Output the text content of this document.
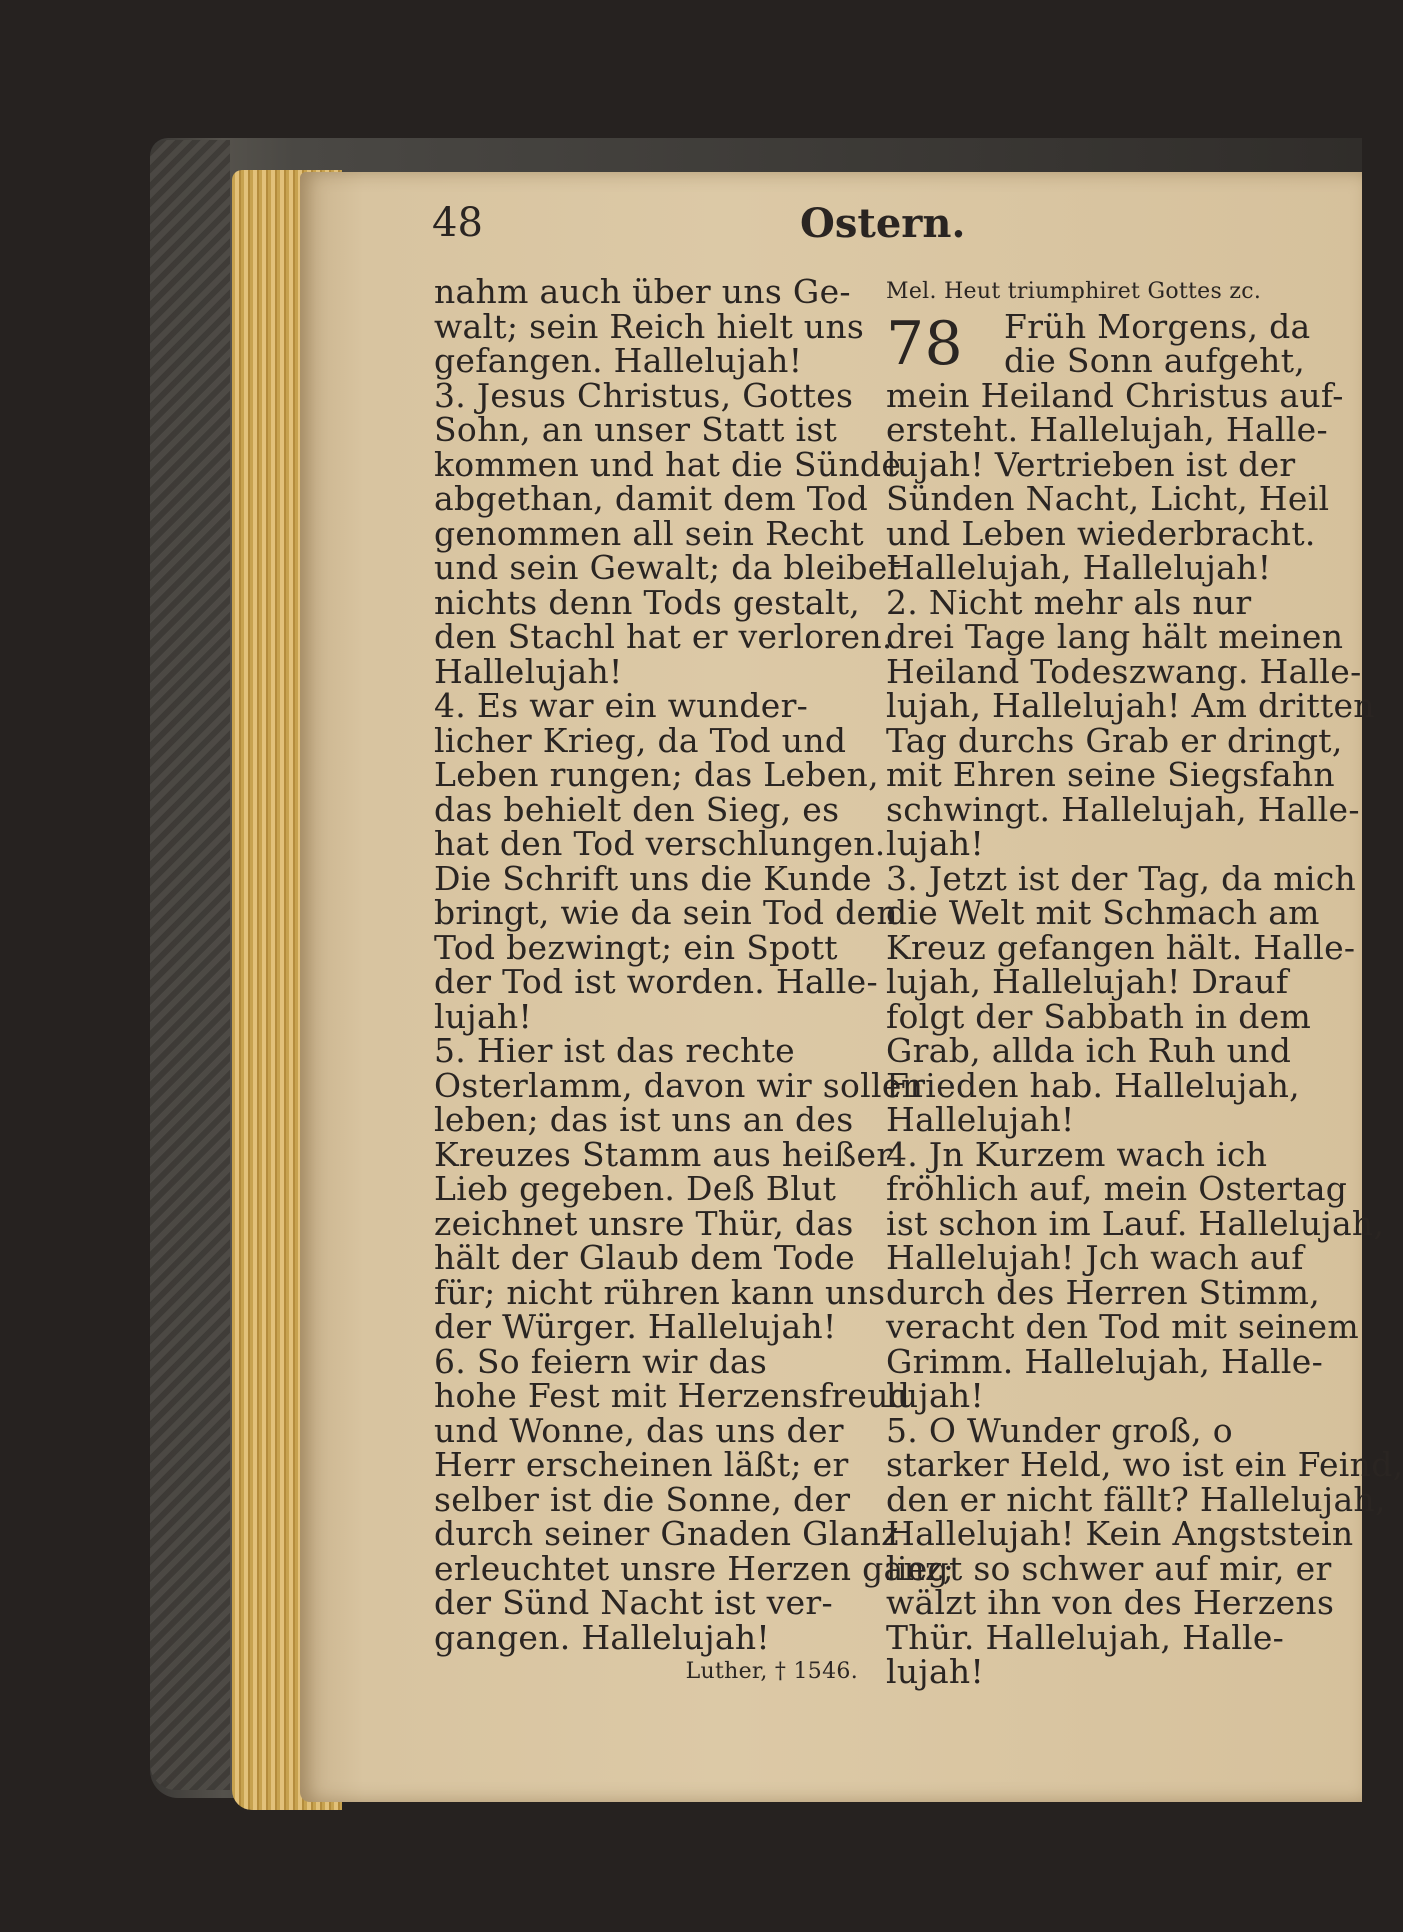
48	Ostern.
nahm auch über uns Ge-
walt; sein Reich hielt uns
gefangen. Hallelujah!
3. Jesus Christus, Gottes
Sohn, an unser Statt ist
kommen und hat die Sünde
abgethan, damit dem Tod
genommen all sein Recht
und sein Gewalt; da bleibet
nichts denn Tods gestalt,
den Stachl hat er verloren.
Hallelujah!
4. Es war ein wunder-
licher Krieg, da Tod und
Leben rungen; das Leben,
das behielt den Sieg, es
hat den Tod verschlungen.
Die Schrift uns die Kunde
bringt, wie da sein Tod den
Tod bezwingt; ein Spott
der Tod ist worden. Halle-
lujah!
5. Hier ist das rechte
Osterlamm, davon wir sollen
leben; das ist uns an des
Kreuzes Stamm aus heißer
Lieb gegeben. Deß Blut
zeichnet unsre Thür, das
hält der Glaub dem Tode
für; nicht rühren kann uns
der Würger. Hallelujah!
6. So feiern wir das
hohe Fest mit Herzensfreud
und Wonne, das uns der
Herr erscheinen läßt; er
selber ist die Sonne, der
durch seiner Gnaden Glanz
erleuchtet unsre Herzen ganz;
der Sünd Nacht ist ver-
gangen. Hallelujah!
Luther, † 1546.
Mel. Heut triumphiret Gottes zc.
78 Früh Morgens, da
die Sonn aufgeht,
mein Heiland Christus auf-
ersteht. Hallelujah, Halle-
lujah! Vertrieben ist der
Sünden Nacht, Licht, Heil
und Leben wiederbracht.
Hallelujah, Hallelujah!
2. Nicht mehr als nur
drei Tage lang hält meinen
Heiland Todeszwang. Halle-
lujah, Hallelujah! Am dritten
Tag durchs Grab er dringt,
mit Ehren seine Siegsfahn
schwingt. Hallelujah, Halle-
lujah!
3. Jetzt ist der Tag, da mich
die Welt mit Schmach am
Kreuz gefangen hält. Halle-
lujah, Hallelujah! Drauf
folgt der Sabbath in dem
Grab, allda ich Ruh und
Frieden hab. Hallelujah,
Hallelujah!
4. Jn Kurzem wach ich
fröhlich auf, mein Ostertag
ist schon im Lauf. Hallelujah,
Hallelujah! Jch wach auf
durch des Herren Stimm,
veracht den Tod mit seinem
Grimm. Hallelujah, Halle-
lujah!
5. O Wunder groß, o
starker Held, wo ist ein Feind,
den er nicht fällt? Hallelujah,
Hallelujah! Kein Angststein
liegt so schwer auf mir, er
wälzt ihn von des Herzens
Thür. Hallelujah, Halle-
lujah!
